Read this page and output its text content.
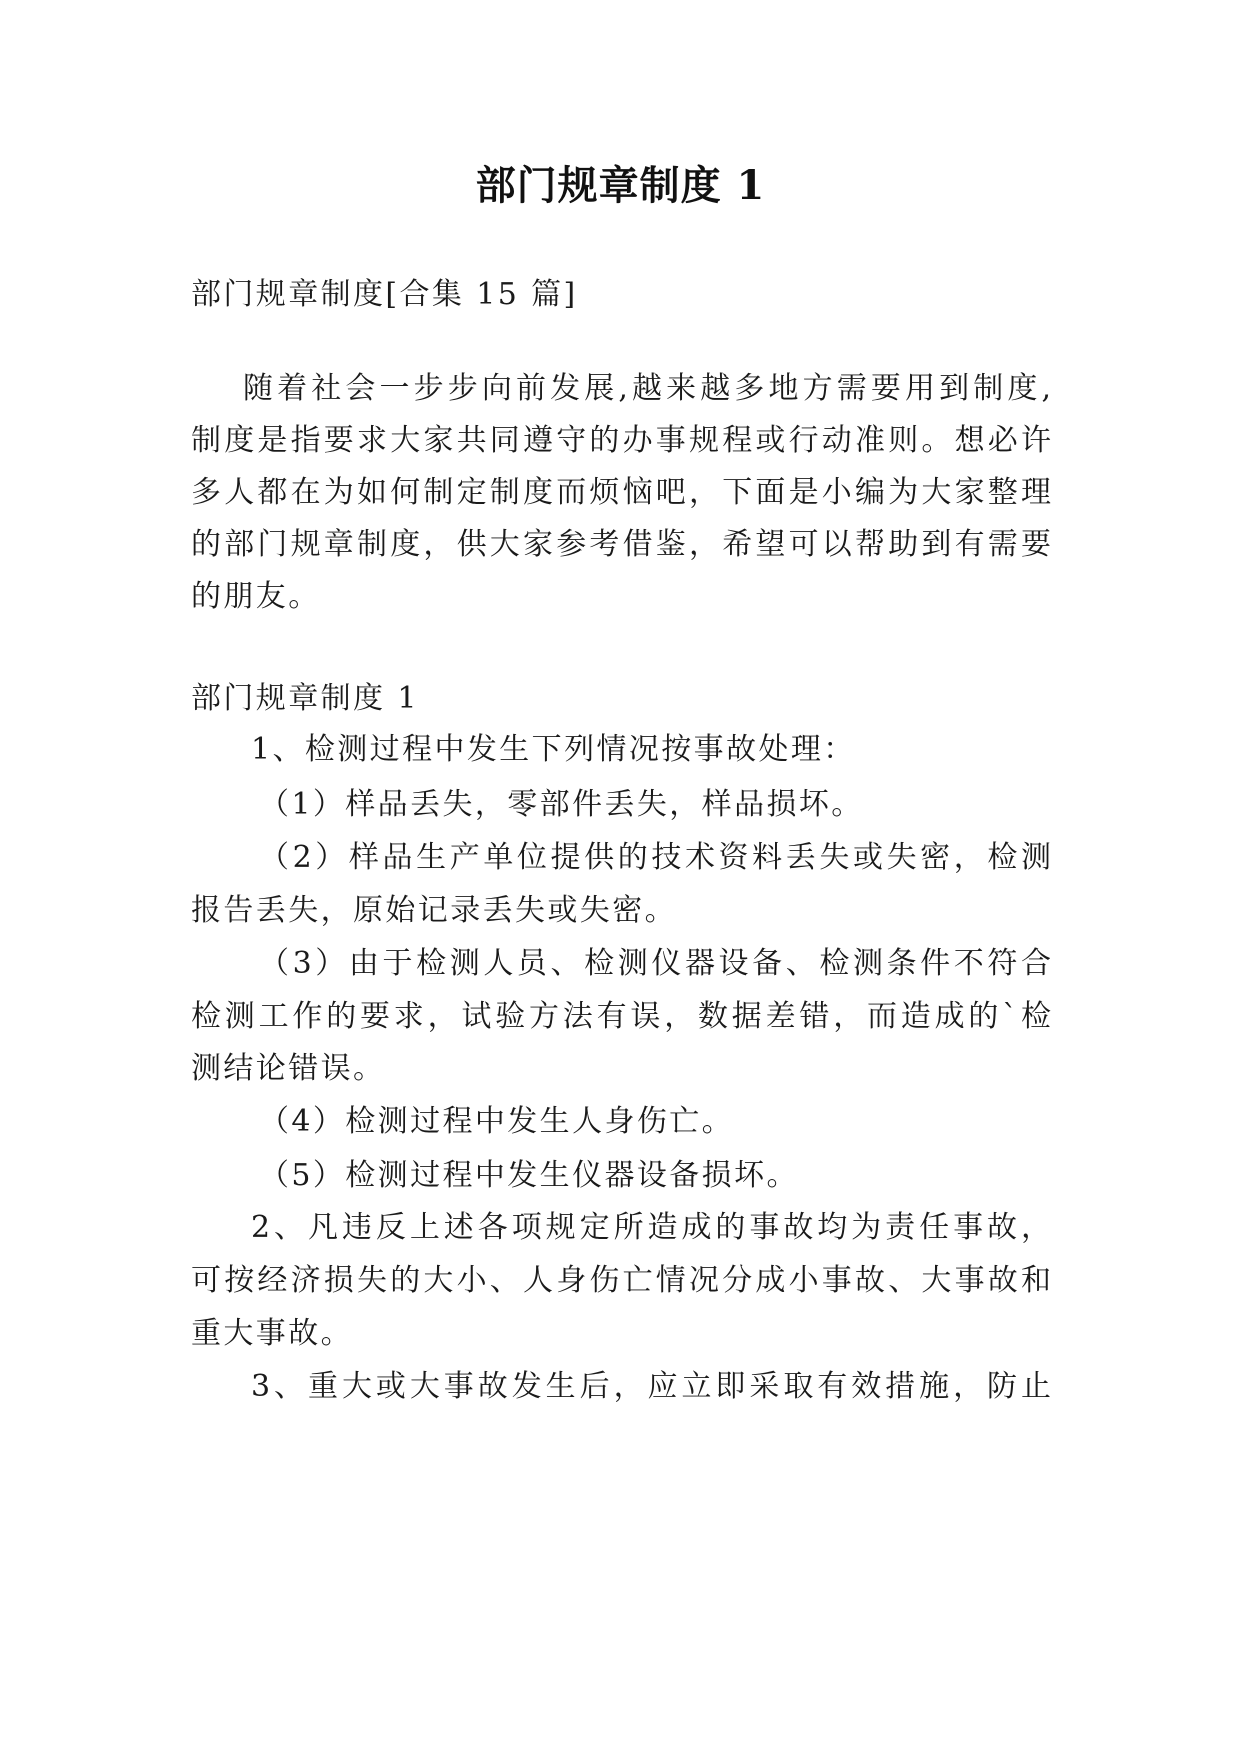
部门规章制度 1
部门规章制度[合集 15 篇]
随着社会一步步向前发展,越来越多地方需要用到制度,
制度是指要求大家共同遵守的办事规程或行动准则。想必许
多人都在为如何制定制度而烦恼吧，下面是小编为大家整理
的部门规章制度，供大家参考借鉴，希望可以帮助到有需要
的朋友。
部门规章制度 1
1、检测过程中发生下列情况按事故处理：
（1）样品丢失，零部件丢失，样品损坏。
（2）样品生产单位提供的技术资料丢失或失密，检测
报告丢失，原始记录丢失或失密。
（3）由于检测人员、检测仪器设备、检测条件不符合
检测工作的要求，试验方法有误，数据差错，而造成的`检
测结论错误。
（4）检测过程中发生人身伤亡。
（5）检测过程中发生仪器设备损坏。
2、凡违反上述各项规定所造成的事故均为责任事故，
可按经济损失的大小、人身伤亡情况分成小事故、大事故和
重大事故。
3、重大或大事故发生后，应立即采取有效措施，防止
